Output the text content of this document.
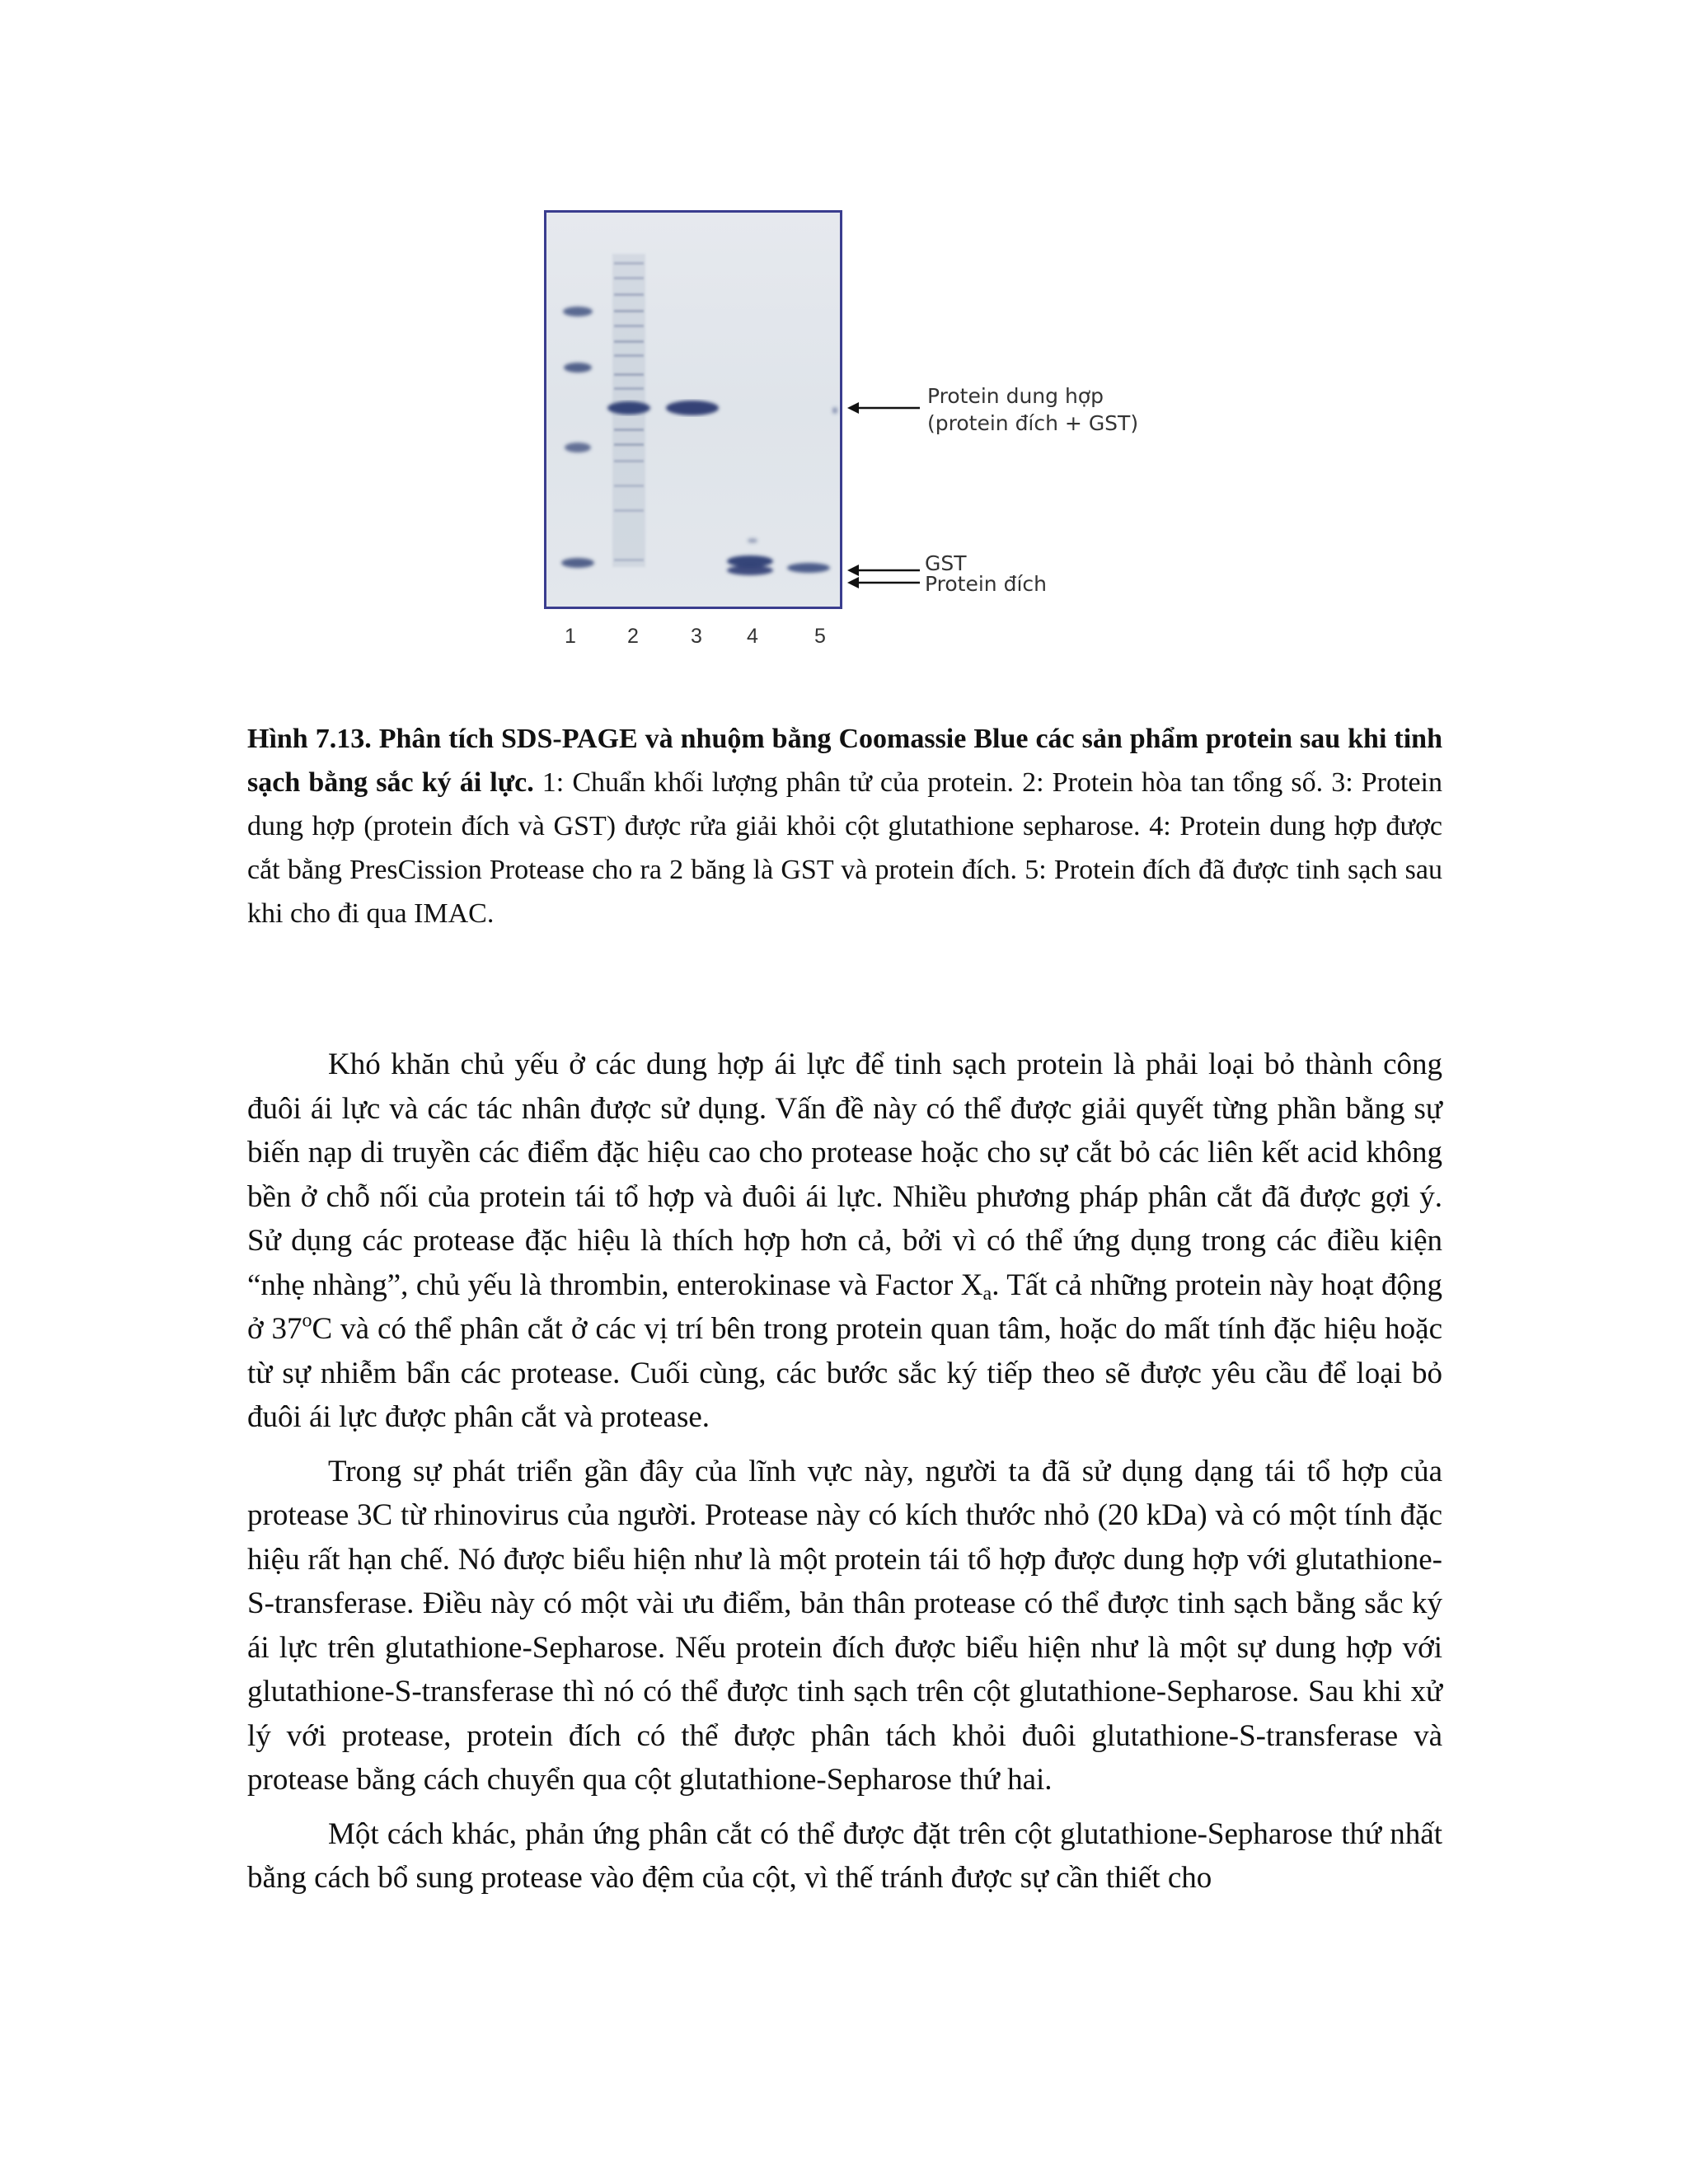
1	2	3	4	5
Protein dung hợp
(protein đích + GST)
GST
Protein đích
Hình 7.13. Phân tích SDS-PAGE và nhuộm bằng Coomassie Blue các sản phẩm protein sau khi tinh sạch bằng sắc ký ái lực. 1: Chuẩn khối lượng phân tử của protein. 2: Protein hòa tan tổng số. 3: Protein dung hợp (protein đích và GST) được rửa giải khỏi cột glutathione sepharose. 4: Protein dung hợp được cắt bằng PresCission Protease cho ra 2 băng là GST và protein đích. 5: Protein đích đã được tinh sạch sau khi cho đi qua IMAC.

Khó khăn chủ yếu ở các dung hợp ái lực để tinh sạch protein là phải loại bỏ thành công đuôi ái lực và các tác nhân được sử dụng. Vấn đề này có thể được giải quyết từng phần bằng sự biến nạp di truyền các điểm đặc hiệu cao cho protease hoặc cho sự cắt bỏ các liên kết acid không bền ở chỗ nối của protein tái tổ hợp và đuôi ái lực. Nhiều phương pháp phân cắt đã được gợi ý. Sử dụng các protease đặc hiệu là thích hợp hơn cả, bởi vì có thể ứng dụng trong các điều kiện “nhẹ nhàng”, chủ yếu là thrombin, enterokinase và Factor $X_a$. Tất cả những protein này hoạt động ở 37$^o$C và có thể phân cắt ở các vị trí bên trong protein quan tâm, hoặc do mất tính đặc hiệu hoặc từ sự nhiễm bẩn các protease. Cuối cùng, các bước sắc ký tiếp theo sẽ được yêu cầu để loại bỏ đuôi ái lực được phân cắt và protease.

Trong sự phát triển gần đây của lĩnh vực này, người ta đã sử dụng dạng tái tổ hợp của protease 3C từ rhinovirus của người. Protease này có kích thước nhỏ (20 kDa) và có một tính đặc hiệu rất hạn chế. Nó được biểu hiện như là một protein tái tổ hợp được dung hợp với glutathione-S-transferase. Điều này có một vài ưu điểm, bản thân protease có thể được tinh sạch bằng sắc ký ái lực trên glutathione-Sepharose. Nếu protein đích được biểu hiện như là một sự dung hợp với glutathione-S-transferase thì nó có thể được tinh sạch trên cột glutathione-Sepharose. Sau khi xử lý với protease, protein đích có thể được phân tách khỏi đuôi glutathione-S-transferase và protease bằng cách chuyển qua cột glutathione-Sepharose thứ hai.

Một cách khác, phản ứng phân cắt có thể được đặt trên cột glutathione-Sepharose thứ nhất bằng cách bổ sung protease vào đệm của cột, vì thế tránh được sự cần thiết cho
